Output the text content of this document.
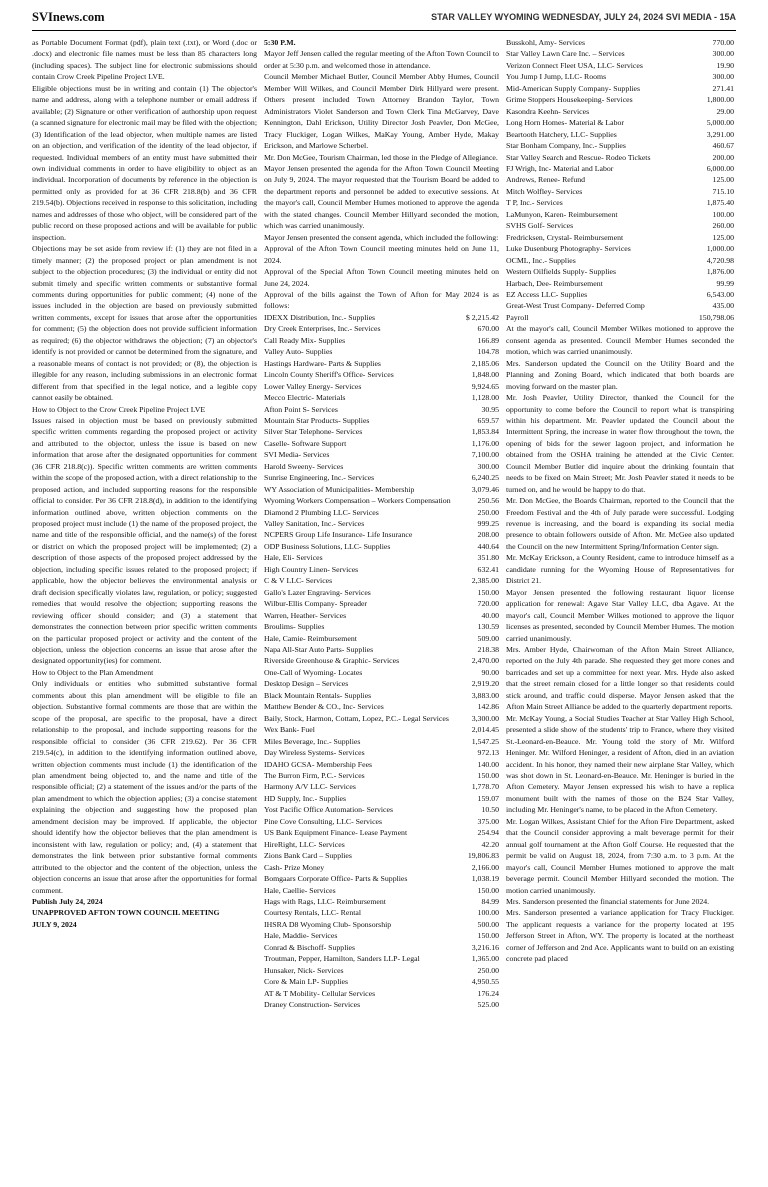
SVInews.com	STAR VALLEY WYOMING WEDNESDAY, JULY 24, 2024 SVI MEDIA - 15A

as Portable Document Format (pdf), plain text (.txt), or Word (.doc or .docx) and electronic file names must be less than 85 characters long (including spaces). The subject line for electronic submissions should contain Crow Creek Pipeline Project LVE.

Eligible objections must be in writing and contain (1) The objector's name and address, along with a telephone number or email address if available; (2) Signature or other verification of authorship upon request (a scanned signature for electronic mail may be filed with the objection; (3) Identification of the lead objector, when multiple names are listed on an objection, and verification of the identity of the lead objector, if requested. Individual members of an entity must have submitted their own individual comments in order to have eligibility to object as an individual. Incorporation of documents by reference in the objection is permitted only as provided for at 36 CFR 218.8(b) and 36 CFR 219.54(b). Objections received in response to this solicitation, including names and addresses of those who object, will be considered part of the public record on these proposed actions and will be available for public inspection.

Objections may be set aside from review if: (1) they are not filed in a timely manner; (2) the proposed project or plan amendment is not subject to the objection procedures; (3) the individual or entity did not submit timely and specific written comments or substantive formal comments during opportunities for public comment; (4) none of the issues included in the objection are based on previously submitted written comments, except for issues that arose after the opportunities for comment; (5) the objection does not provide sufficient information as required; (6) the objector withdraws the objection; (7) an objector's identify is not provided or cannot be determined from the signature, and a reasonable means of contact is not provided; or (8), the objection is illegible for any reason, including submissions in an electronic format different from that specified in the legal notice, and a legible copy cannot easily be obtained.

How to Object to the Crow Creek Pipeline Project LVE

Issues raised in objection must be based on previously submitted specific written comments regarding the proposed project or activity and attributed to the objector, unless the issue is based on new information that arose after the designated opportunities for comment (36 CFR 218.8(c)). Specific written comments are written comments within the scope of the proposed action, with a direct relationship to the proposed action, and included supporting reasons for the responsible official to consider. Per 36 CFR 218.8(d), in addition to the identifying information outlined above, written objection comments on the proposed project must include (1) the name of the proposed project, the name and title of the responsible official, and the name(s) of the forest or district on which the proposed project will be implemented; (2) a description of those aspects of the proposed project addressed by the objection, including specific issues related to the proposed project; if applicable, how the objector believes the environmental analysis or draft decision specifically violates law, regulation, or policy; suggested remedies that would resolve the objection; supporting reasons the reviewing officer should consider; and (3) a statement that demonstrates the connection between prior specific written comments on the particular proposed project or activity and the content of the objection, unless the objection concerns an issue that arose after the designated opportunity(ies) for comment.

How to Object to the Plan Amendment

Only individuals or entities who submitted substantive formal comments about this plan amendment will be eligible to file an objection. Substantive formal comments are those that are within the scope of the proposal, are specific to the proposal, have a direct relationship to the proposal, and include supporting reasons for the responsible official to consider (36 CFR 219.62). Per 36 CFR 219.54(c), in addition to the identifying information outlined above, written objection comments must include (1) the identification of the plan amendment being objected to, and the name and title of the responsible official; (2) a statement of the issues and/or the parts of the plan amendment to which the objection applies; (3) a concise statement explaining the objection and suggesting how the proposed plan amendment decision may be improved. If applicable, the objector should identify how the objector believes that the plan amendment is inconsistent with law, regulation or policy; and, (4) a statement that demonstrates the link between prior substantive formal comments attributed to the objector and the content of the objection, unless the objection concerns an issue that arose after the opportunities for formal comment.

Publish July 24, 2024

UNAPPROVED AFTON TOWN COUNCIL MEETING

JULY 9, 2024

5:30 P.M.

Mayor Jeff Jensen called the regular meeting of the Afton Town Council to order at 5:30 p.m. and welcomed those in attendance.

Council Member Michael Butler, Council Member Abby Humes, Council Member Will Wilkes, and Council Member Dirk Hillyard were present. Others present included Town Attorney Brandon Taylor, Town Administrators Violet Sanderson and Town Clerk Tina McGarvey, Dave Kennington, Dahl Erickson, Utility Director Josh Peavler, Don McGee, Tracy Fluckiger, Logan Wilkes, MaKay Young, Amber Hyde, Makay Erickson, and Marlowe Scherbel.

Mr. Don McGee, Tourism Chairman, led those in the Pledge of Allegiance.

Mayor Jensen presented the agenda for the Afton Town Council Meeting on July 9, 2024. The mayor requested that the Tourism Board be added to the department reports and personnel be added to executive sessions. At the mayor's call, Council Member Humes motioned to approve the agenda with the stated changes. Council Member Hillyard seconded the motion, which was carried unanimously.

Mayor Jensen presented the consent agenda, which included the following:

Approval of the Afton Town Council meeting minutes held on June 11, 2024.

Approval of the Special Afton Town Council meeting minutes held on June 24, 2024.

Approval of the bills against the Town of Afton for May 2024 is as follows:

IDEXX Distribution, Inc.- Supplies	$ 2,215.42
Dry Creek Enterprises, Inc.- Services	670.00
Call Ready Mix- Supplies	166.89
Valley Auto- Supplies	104.78
Hastings Hardware- Parts & Supplies	2,185.06
Lincoln County Sheriff's Office- Services	1,848.00
Lower Valley Energy- Services	9,924.65
Mecco Electric- Materials	1,128.00
Afton Point S- Services	30.95
Mountain Star Products- Supplies	659.57
Silver Star Telephone- Services	1,853.84
Caselle- Software Support	1,176.00
SVI Media- Services	7,100.00
Harold Sweeny- Services	300.00
Sunrise Engineering, Inc.- Services	6,240.25
WY Association of Municipalities- Membership	3,079.46
Wyoming Workers Compensation – Workers Compensation	250.56
Diamond 2 Plumbing LLC- Services	250.00
Valley Sanitation, Inc.- Services	999.25
NCPERS Group Life Insurance- Life Insurance	208.00
ODP Business Solutions, LLC- Supplies	440.64
Hale, Eli- Services	351.80
High Country Linen- Services	632.41
C & V LLC- Services	2,385.00
Gallo's Lazer Engraving- Services	150.00
Wilbur-Ellis Company- Spreader	720.00
Warren, Heather- Services	40.00
Broulims- Supplies	130.59
Hale, Camie- Reimbursement	509.00
Napa All-Star Auto Parts- Supplies	218.38
Riverside Greenhouse & Graphic- Services	2,470.00
One-Call of Wyoming- Locates	90.00
Desktop Design – Services	2,919.20
Black Mountain Rentals- Supplies	3,883.00
Matthew Bender & CO., Inc- Services	142.86
Baily, Stock, Harmon, Cottam, Lopez, P.C.- Legal Services	3,300.00
Wex Bank- Fuel	2,014.45
Miles Beverage, Inc.- Supplies	1,547.25
Day Wireless Systems- Services	972.13
IDAHO GCSA- Membership Fees	140.00
The Burron Firm, P.C.- Services	150.00
Harmony A/V LLC- Services	1,778.70
HD Supply, Inc.- Supplies	159.07
Yost Pacific Office Automation- Services	10.50
Pine Cove Consulting, LLC- Services	375.00
US Bank Equipment Finance- Lease Payment	254.94
HireRight, LLC- Services	42.20
Zions Bank Card – Supplies	19,806.83
Cash- Prize Money	2,166.00
Bomgaars Corporate Office- Parts & Supplies	1,038.19
Hale, Caellie- Services	150.00
Hags with Rags, LLC- Reimbursement	84.99
Courtesy Rentals, LLC- Rental	100.00
IHSRA D8 Wyoming Club- Sponsorship	500.00
Hale, Maddie- Services	150.00
Conrad & Bischoff- Supplies	3,216.16
Troutman, Pepper, Hamilton, Sanders LLP- Legal	1,365.00
Hunsaker, Nick- Services	250.00
Core & Main LP- Supplies	4,950.55
AT & T Mobility- Cellular Services	176.24
Draney Construction- Services	525.00
Busskohl, Amy- Services	770.00
Star Valley Lawn Care Inc. – Services	300.00
Verizon Connect Fleet USA, LLC- Services	19.90
You Jump I Jump, LLC- Rooms	300.00
Mid-American Supply Company- Supplies	271.41
Grime Stoppers Housekeeping- Services	1,800.00
Kasondra Keehn- Services	29.00
Long Horn Homes- Material & Labor	5,000.00
Beartooth Hatchery, LLC- Supplies	3,291.00
Star Bonham Company, Inc.- Supplies	460.67
Star Valley Search and Rescue- Rodeo Tickets	200.00
FJ Wrigh, Inc- Material and Labor	6,000.00
Andrews, Renee- Refund	125.00
Mitch Wolfley- Services	715.10
T P, Inc.- Services	1,875.40
LaMunyon, Karen- Reimbursement	100.00
SVHS Golf- Services	260.00
Fredricksen, Crystal- Reimbursement	125.00
Luke Dusenburg Photography- Services	1,000.00
OCML, Inc.- Supplies	4,720.98
Western Oilfields Supply- Supplies	1,876.00
Harbach, Dee- Reimbursement	99.99
EZ Access LLC- Supplies	6,543.00
Great-West Trust Company- Deferred Comp	435.00
Payroll	150,798.06

At the mayor's call, Council Member Wilkes motioned to approve the consent agenda as presented. Council Member Humes seconded the motion, which was carried unanimously.

Mrs. Sanderson updated the Council on the Utility Board and the Planning and Zoning Board, which indicated that both boards are moving forward on the master plan.

Mr. Josh Peavler, Utility Director, thanked the Council for the opportunity to come before the Council to report what is transpiring within his department. Mr. Peavler updated the Council about the Intermittent Spring, the increase in water flow throughout the town, the opening of bids for the sewer lagoon project, and information he obtained from the OSHA training he attended at the Civic Center. Council Member Butler did inquire about the drinking fountain that needs to be fixed on Main Street; Mr. Josh Peavler stated it needs to be turned on, and he would be happy to do that.

Mr. Don McGee, the Boards Chairman, reported to the Council that the Freedom Festival and the 4th of July parade were successful. Lodging revenue is increasing, and the board is expanding its social media presence to obtain followers outside of Afton. Mr. McGee also updated the Council on the new Intermittent Spring/Information Center sign.

Mr. McKay Erickson, a County Resident, came to introduce himself as a candidate running for the Wyoming House of Representatives for District 21.

Mayor Jensen presented the following restaurant liquor license application for renewal: Agave Star Valley LLC, dba Agave. At the mayor's call, Council Member Wilkes motioned to approve the liquor licenses as presented, seconded by Council Member Humes. The motion carried unanimously.

Mrs. Amber Hyde, Chairwoman of the Afton Main Street Alliance, reported on the July 4th parade. She requested they get more cones and barricades and set up a committee for next year. Mrs. Hyde also asked that the street remain closed for a little longer so that residents could stick around, and traffic could disperse. Mayor Jensen asked that the Afton Main Street Alliance be added to the quarterly department reports.

Mr. McKay Young, a Social Studies Teacher at Star Valley High School, presented a slide show of the students' trip to France, where they visited St.-Leonard-en-Beauce. Mr. Young told the story of Mr. Wilford Heninger. Mr. Wilford Heninger, a resident of Afton, died in an aviation accident. In his honor, they named their new airplane Star Valley, which was shot down in St. Leonard-en-Beauce. Mr. Heninger is buried in the Afton Cemetery. Mayor Jensen expressed his wish to have a replica monument built with the names of those on the B24 Star Valley, including Mr. Heninger's name, to be placed in the Afton Cemetery.

Mr. Logan Wilkes, Assistant Chief for the Afton Fire Department, asked that the Council consider approving a malt beverage permit for their annual golf tournament at the Afton Golf Course. He requested that the permit be valid on August 18, 2024, from 7:30 a.m. to 3 p.m. At the mayor's call, Council Member Humes motioned to approve the malt beverage permit. Council Member Hillyard seconded the motion. The motion carried unanimously.

Mrs. Sanderson presented the financial statements for June 2024.

Mrs. Sanderson presented a variance application for Tracy Fluckiger. The applicant requests a variance for the property located at 195 Jefferson Street in Afton, WY. The property is located at the northeast corner of Jefferson and 2nd Ace. Applicants want to build on an existing concrete pad placed
